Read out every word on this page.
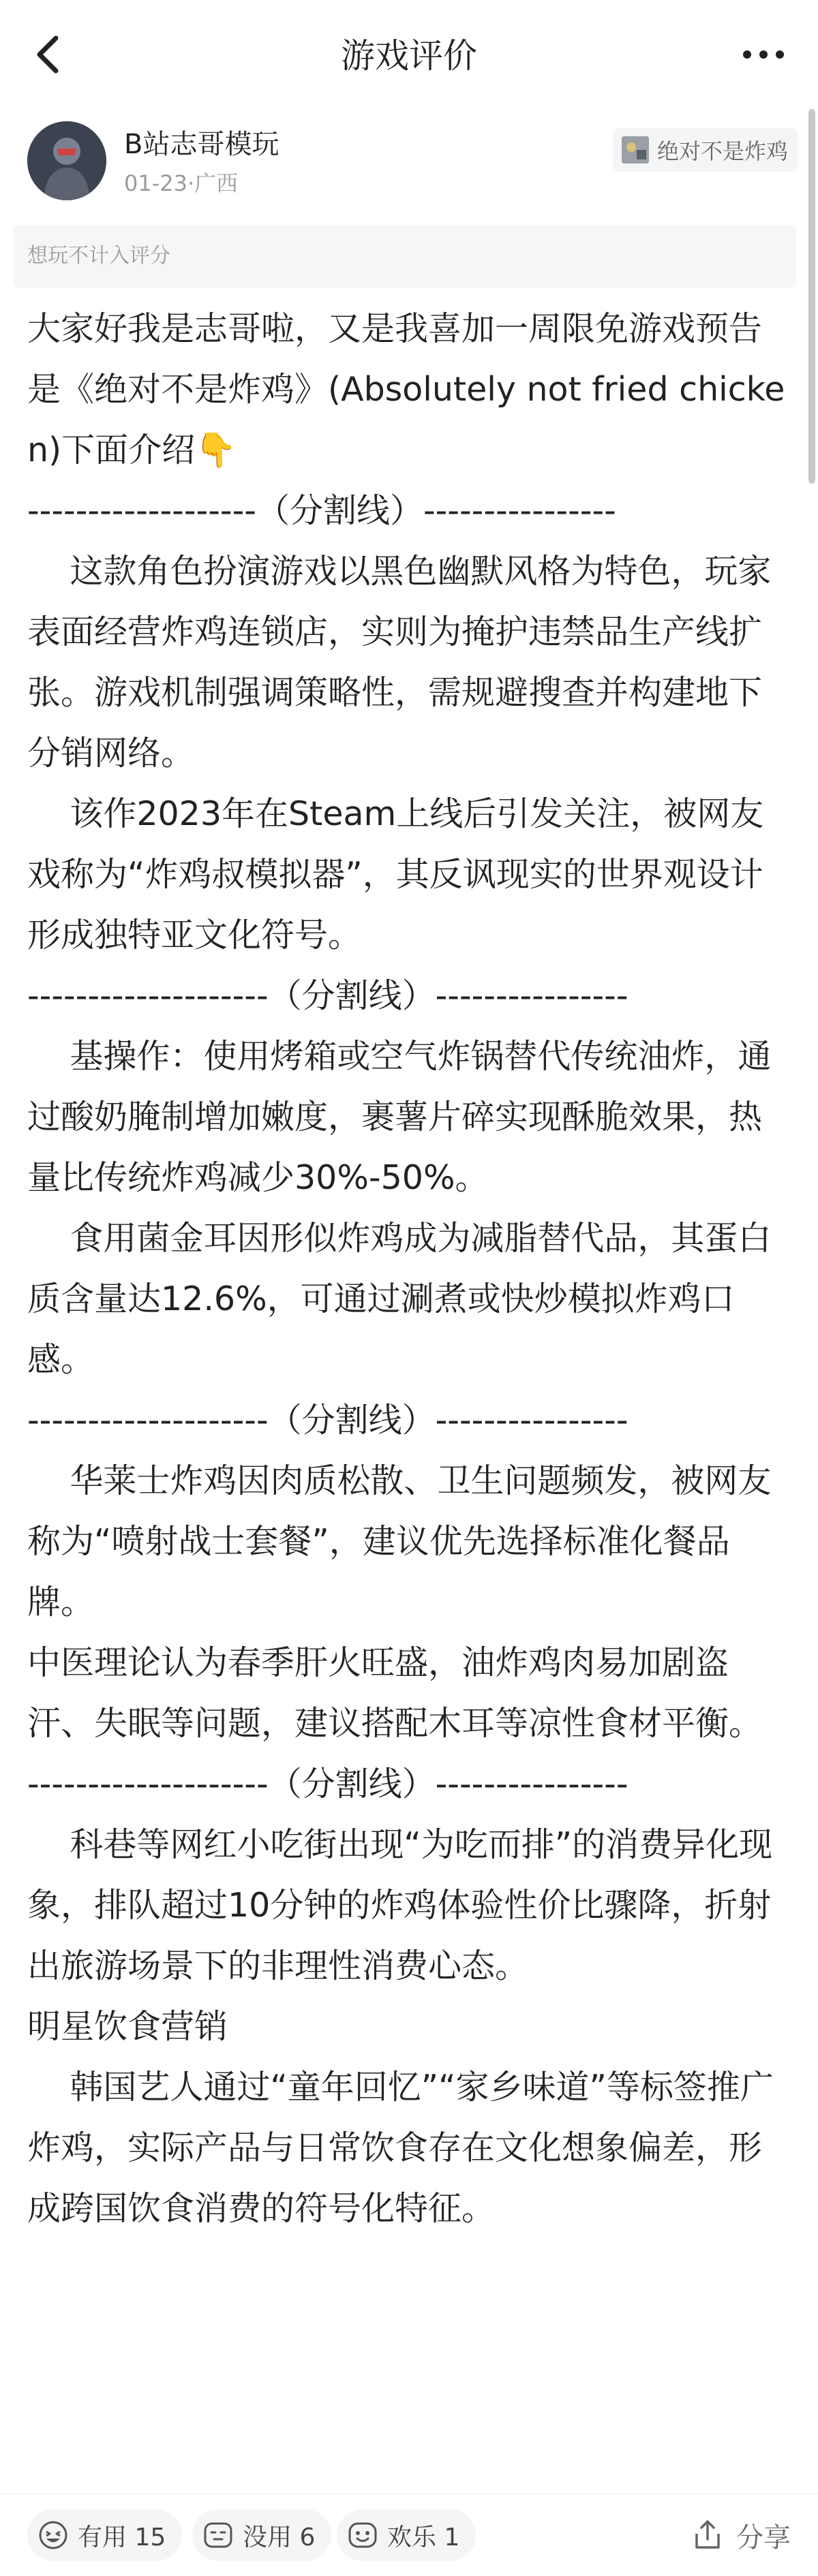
游戏评价
B站志哥模玩
01-23·广西
绝对不是炸鸡
想玩不计入评分

大家好我是志哥啦，又是我喜加一周限免游戏预告是《绝对不是炸鸡》(Absolutely not fried chicken)下面介绍👇

-------------------（分割线）----------------

这款角色扮演游戏以黑色幽默风格为特色，玩家表面经营炸鸡连锁店，实则为掩护违禁品生产线扩张。游戏机制强调策略性，需规避搜查并构建地下分销网络。

该作2023年在Steam上线后引发关注，被网友戏称为“炸鸡叔模拟器”，其反讽现实的世界观设计形成独特亚文化符号。

--------------------（分割线）----------------

基操作：使用烤箱或空气炸锅替代传统油炸，通过酸奶腌制增加嫩度，裹薯片碎实现酥脆效果，热量比传统炸鸡减少30%-50%。

食用菌金耳因形似炸鸡成为减脂替代品，其蛋白质含量达12.6%，可通过涮煮或快炒模拟炸鸡口感。

--------------------（分割线）----------------

华莱士炸鸡因肉质松散、卫生问题频发，被网友称为“喷射战士套餐”，建议优先选择标准化餐品牌。

中医理论认为春季肝火旺盛，油炸鸡肉易加剧盗汗、失眠等问题，建议搭配木耳等凉性食材平衡。

--------------------（分割线）----------------

科巷等网红小吃街出现“为吃而排”的消费异化现象，排队超过10分钟的炸鸡体验性价比骤降，折射出旅游场景下的非理性消费心态。

明星饮食营销

韩国艺人通过“童年回忆”“家乡味道”等标签推广炸鸡，实际产品与日常饮食存在文化想象偏差，形成跨国饮食消费的符号化特征。

有用 15	没用 6	欢乐 1	分享
